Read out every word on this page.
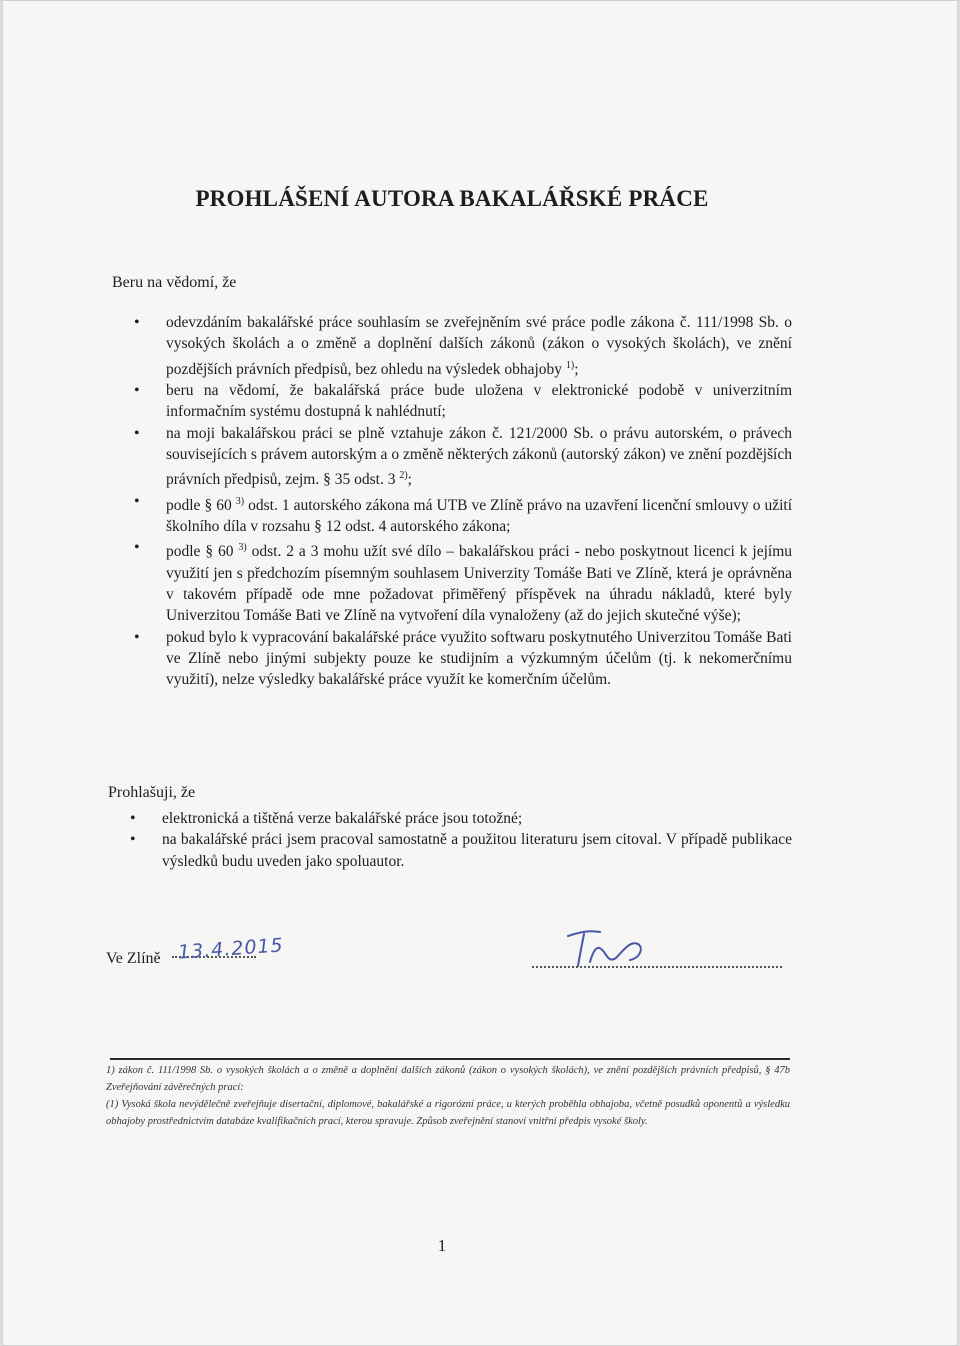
PROHLÁŠENÍ AUTORA BAKALÁŘSKÉ PRÁCE
Beru na vědomí, že
• odevzdáním bakalářské práce souhlasím se zveřejněním své práce podle zákona č. 111/1998 Sb. o vysokých školách a o změně a doplnění dalších zákonů (zákon o vysokých školách), ve znění pozdějších právních předpisů, bez ohledu na výsledek obhajoby $^{1)}$;
• beru na vědomí, že bakalářská práce bude uložena v elektronické podobě v univerzitním informačním systému dostupná k nahlédnutí;
• na moji bakalářskou práci se plně vztahuje zákon č. 121/2000 Sb. o právu autorském, o právech souvisejících s právem autorským a o změně některých zákonů (autorský zákon) ve znění pozdějších právních předpisů, zejm. § 35 odst. 3 $^{2)}$;
• podle § 60 $^{3)}$ odst. 1 autorského zákona má UTB ve Zlíně právo na uzavření licenční smlouvy o užití školního díla v rozsahu § 12 odst. 4 autorského zákona;
• podle § 60 $^{3)}$ odst. 2 a 3 mohu užít své dílo – bakalářskou práci - nebo poskytnout licenci k jejímu využití jen s předchozím písemným souhlasem Univerzity Tomáše Bati ve Zlíně, která je oprávněna v takovém případě ode mne požadovat přiměřený příspěvek na úhradu nákladů, které byly Univerzitou Tomáše Bati ve Zlíně na vytvoření díla vynaloženy (až do jejich skutečné výše);
• pokud bylo k vypracování bakalářské práce využito softwaru poskytnutého Univerzitou Tomáše Bati ve Zlíně nebo jinými subjekty pouze ke studijním a výzkumným účelům (tj. k nekomerčnímu využití), nelze výsledky bakalářské práce využít ke komerčním účelům.
Prohlašuji, že
• elektronická a tištěná verze bakalářské práce jsou totožné;
• na bakalářské práci jsem pracoval samostatně a použitou literaturu jsem citoval. V případě publikace výsledků budu uveden jako spoluautor.
Ve Zlíně 13.4.2015

1) zákon č. 111/1998 Sb. o vysokých školách a o změně a doplnění dalších zákonů (zákon o vysokých školách), ve znění pozdějších právních předpisů, § 47b Zveřejňování závěrečných prací:

(1) Vysoká škola nevýdělečně zveřejňuje disertační, diplomové, bakalářské a rigorózní práce, u kterých proběhla obhajoba, včetně posudků oponentů a výsledku obhajoby prostřednictvím databáze kvalifikačních prací, kterou spravuje. Způsob zveřejnění stanoví vnitřní předpis vysoké školy.

1
